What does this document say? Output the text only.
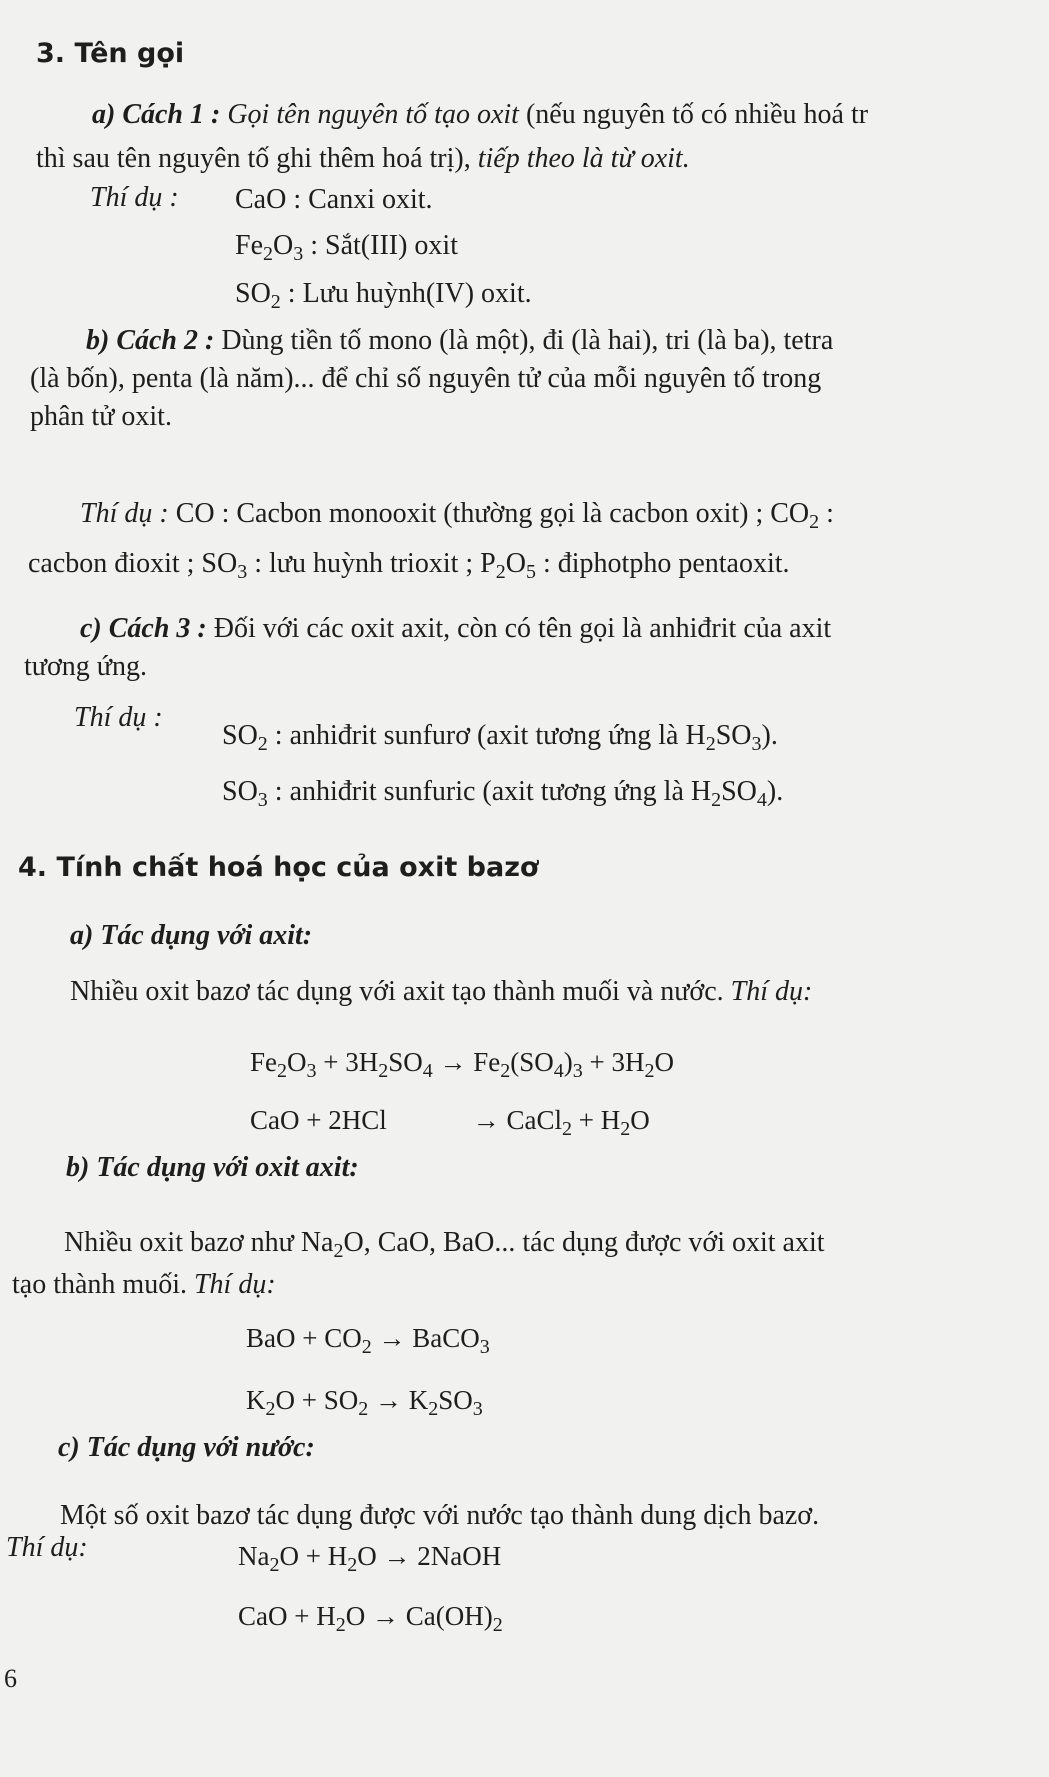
3. Tên gọi
a) Cách 1 : Gọi tên nguyên tố tạo oxit (nếu nguyên tố có nhiều hoá tr
thì sau tên nguyên tố ghi thêm hoá trị), tiếp theo là từ oxit.
Thí dụ : CaO : Canxi oxit.
$Fe_2O_3$ : Sắt(III) oxit
$SO_2$ : Lưu huỳnh(IV) oxit.
b) Cách 2 : Dùng tiền tố mono (là một), đi (là hai), tri (là ba), tetra
(là bốn), penta (là năm)... để chỉ số nguyên tử của mỗi nguyên tố trong
phân tử oxit.
Thí dụ : CO : Cacbon monooxit (thường gọi là cacbon oxit) ; $CO_2$ :
cacbon đioxit ; $SO_3$ : lưu huỳnh trioxit ; $P_2O_5$ : điphotpho pentaoxit.
c) Cách 3 : Đối với các oxit axit, còn có tên gọi là anhiđrit của axit
tương ứng.
Thí dụ :
$SO_2$ : anhiđrit sunfurơ (axit tương ứng là $H_2SO_3$).
$SO_3$ : anhiđrit sunfuric (axit tương ứng là $H_2SO_4$).
4. Tính chất hoá học của oxit bazơ
a) Tác dụng với axit:
Nhiều oxit bazơ tác dụng với axit tạo thành muối và nước. Thí dụ:
$Fe_2O_3 + 3H_2SO_4 \to Fe_2(SO_4)_3 + 3H_2O$
CaO + 2HCl	→ CaCl$_2$ + $H_2O$
b) Tác dụng với oxit axit:
Nhiều oxit bazơ như $Na_2O$, CaO, BaO... tác dụng được với oxit axit
tạo thành muối. Thí dụ:
BaO + $CO_2$ → BaCO$_3$
$K_2O + SO_2 \to K_2SO_3$
c) Tác dụng với nước:
Một số oxit bazơ tác dụng được với nước tạo thành dung dịch bazơ.
Thí dụ:	$Na_2O + H_2O$ → 2NaOH
CaO + $H_2O \to Ca(OH)_2$
6
